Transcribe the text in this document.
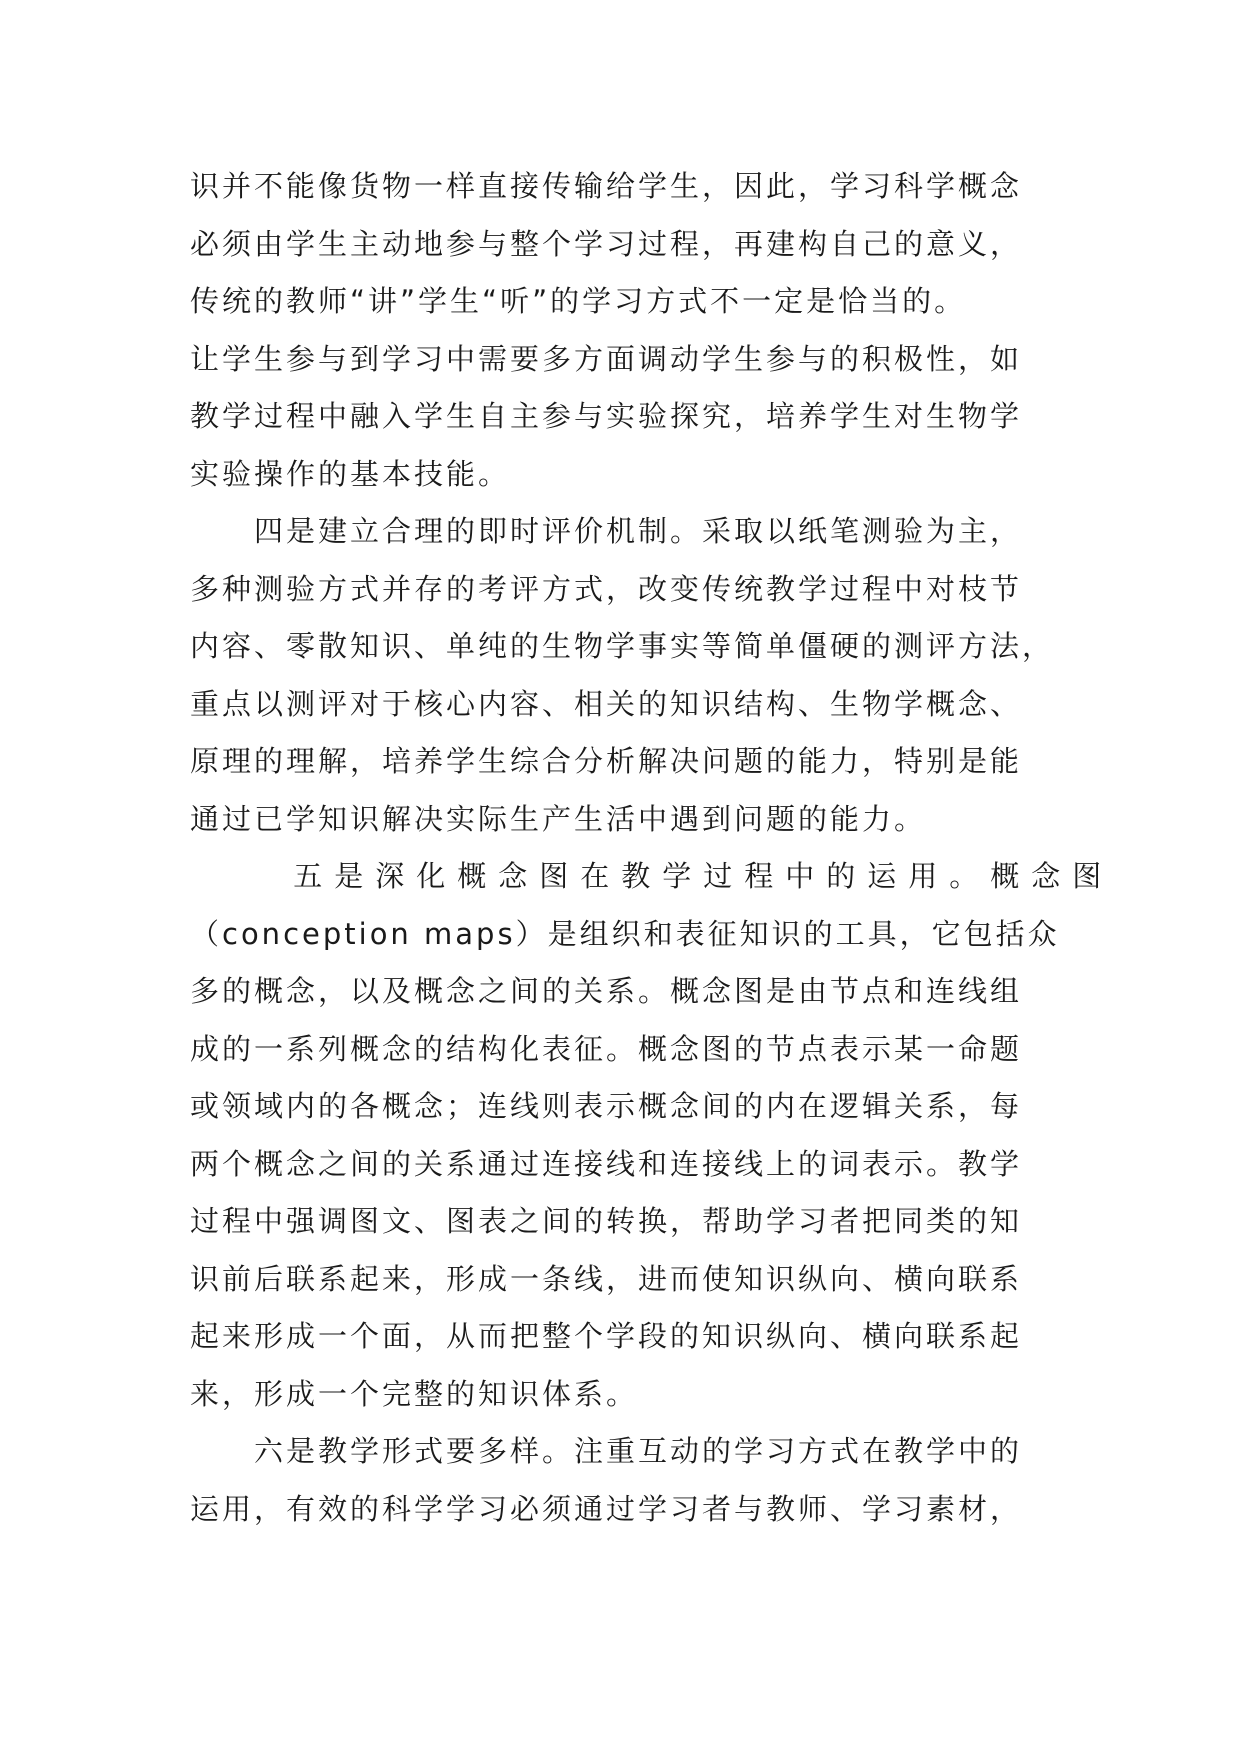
识并不能像货物一样直接传输给学生，因此，学习科学概念
必须由学生主动地参与整个学习过程，再建构自己的意义，
传统的教师“讲”学生“听”的学习方式不一定是恰当的。
让学生参与到学习中需要多方面调动学生参与的积极性，如
教学过程中融入学生自主参与实验探究，培养学生对生物学
实验操作的基本技能。
　　四是建立合理的即时评价机制。采取以纸笔测验为主，
多种测验方式并存的考评方式，改变传统教学过程中对枝节
内容、零散知识、单纯的生物学事实等简单僵硬的测评方法，
重点以测评对于核心内容、相关的知识结构、生物学概念、
原理的理解，培养学生综合分析解决问题的能力，特别是能
通过已学知识解决实际生产生活中遇到问题的能力。
　　 五是深化概念图在教学过程中的运用。概念图
（conception maps）是组织和表征知识的工具，它包括众
多的概念，以及概念之间的关系。概念图是由节点和连线组
成的一系列概念的结构化表征。概念图的节点表示某一命题
或领域内的各概念；连线则表示概念间的内在逻辑关系，每
两个概念之间的关系通过连接线和连接线上的词表示。教学
过程中强调图文、图表之间的转换，帮助学习者把同类的知
识前后联系起来，形成一条线，进而使知识纵向、横向联系
起来形成一个面，从而把整个学段的知识纵向、横向联系起
来，形成一个完整的知识体系。
　　六是教学形式要多样。注重互动的学习方式在教学中的
运用，有效的科学学习必须通过学习者与教师、学习素材，
